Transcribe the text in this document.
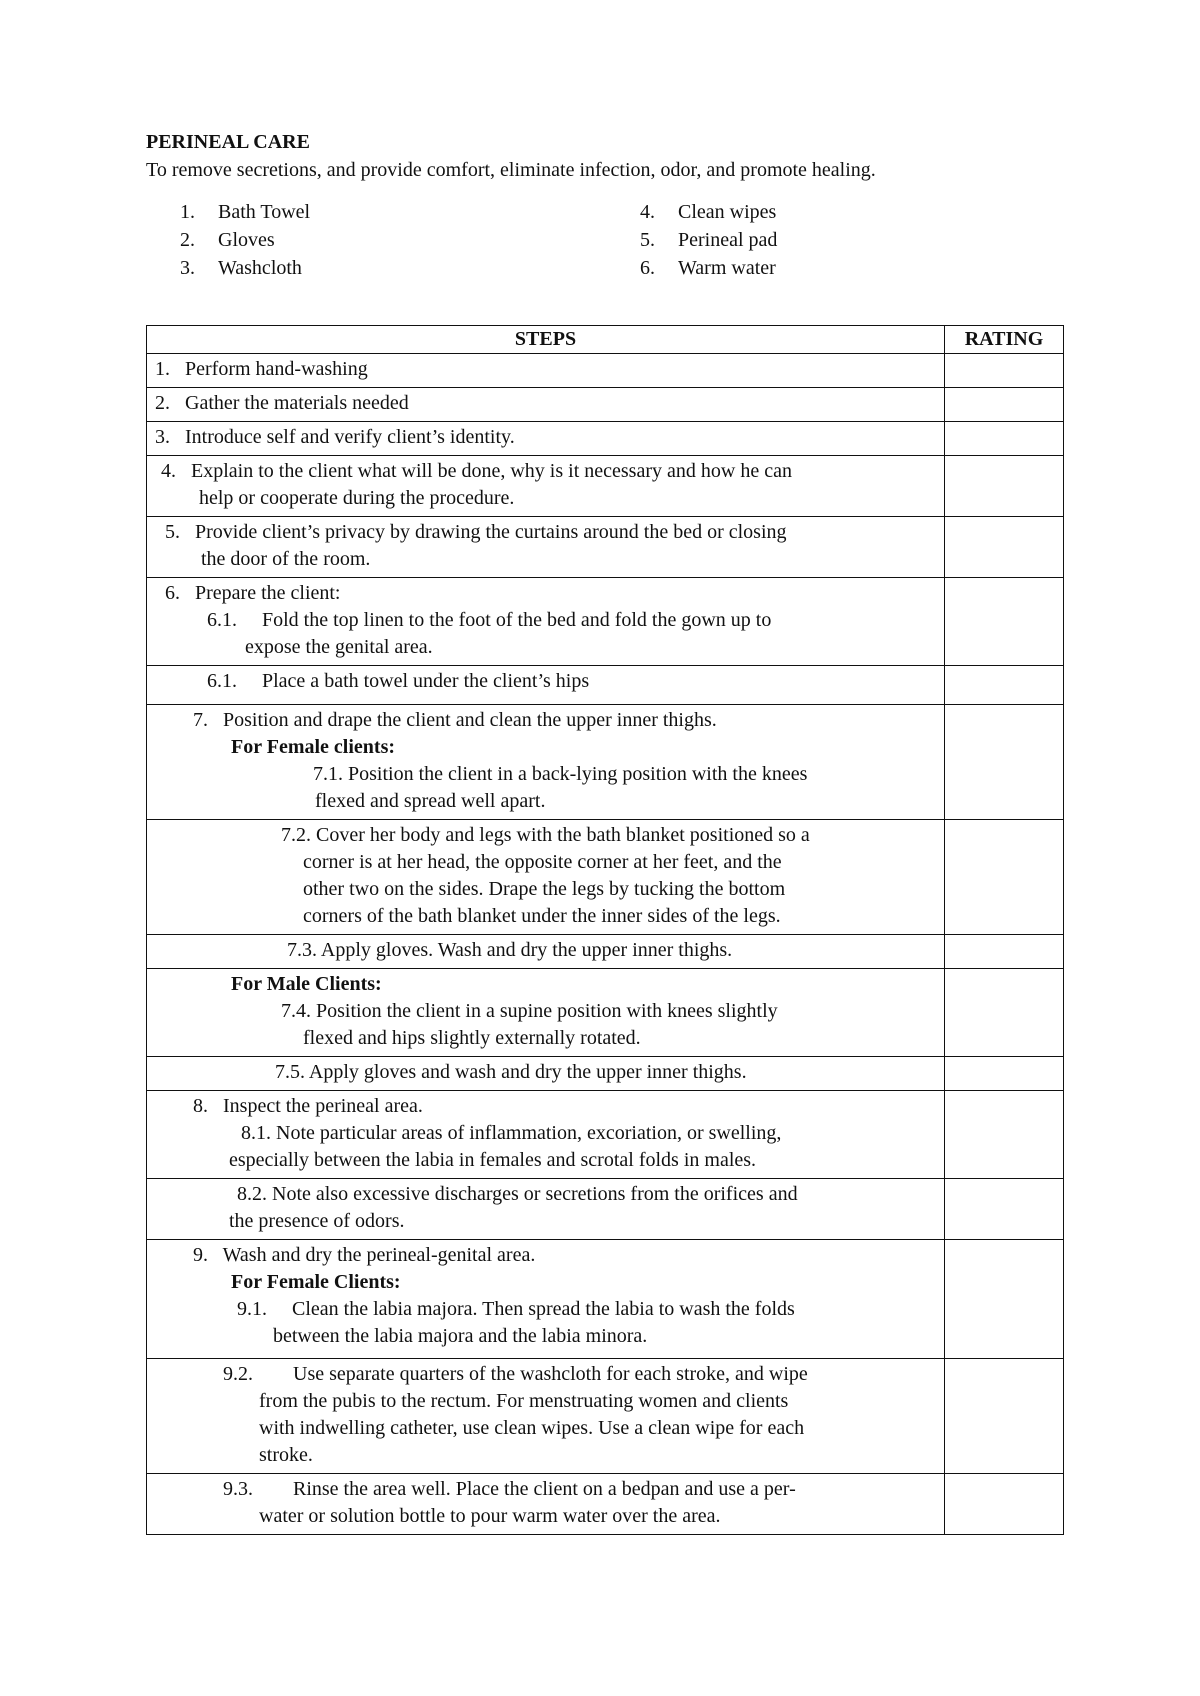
PERINEAL CARE
To remove secretions, and provide comfort, eliminate infection, odor, and promote healing.
1.	Bath Towel
2.	Gloves
3.	Washcloth
4.	Clean wipes
5.	Perineal pad
6.	Warm water
STEPS	RATING

1.   Perform hand-washing	

2.   Gather the materials needed	

3.   Introduce self and verify client’s identity.	

4.   Explain to the client what will be done, why is it necessary and how he can
help or cooperate during the procedure.	

5.   Provide client’s privacy by drawing the curtains around the bed or closing
the door of the room.	

6.   Prepare the client:
6.1.     Fold the top linen to the foot of the bed and fold the gown up to
expose the genital area.	

6.1.     Place a bath towel under the client’s hips	

7.   Position and drape the client and clean the upper inner thighs.
For Female clients:
7.1. Position the client in a back-lying position with the knees
flexed and spread well apart.	

7.2. Cover her body and legs with the bath blanket positioned so a
corner is at her head, the opposite corner at her feet, and the
other two on the sides. Drape the legs by tucking the bottom
corners of the bath blanket under the inner sides of the legs.	

7.3. Apply gloves. Wash and dry the upper inner thighs.	

For Male Clients:
7.4. Position the client in a supine position with knees slightly
flexed and hips slightly externally rotated.	

7.5. Apply gloves and wash and dry the upper inner thighs.	

8.   Inspect the perineal area.
8.1. Note particular areas of inflammation, excoriation, or swelling,
especially between the labia in females and scrotal folds in males.	

8.2. Note also excessive discharges or secretions from the orifices and
the presence of odors.	

9.   Wash and dry the perineal-genital area.
For Female Clients:
9.1.     Clean the labia majora. Then spread the labia to wash the folds
between the labia majora and the labia minora.	

9.2.        Use separate quarters of the washcloth for each stroke, and wipe
from the pubis to the rectum. For menstruating women and clients
with indwelling catheter, use clean wipes. Use a clean wipe for each
stroke.	

9.3.        Rinse the area well. Place the client on a bedpan and use a per-
water or solution bottle to pour warm water over the area.	
